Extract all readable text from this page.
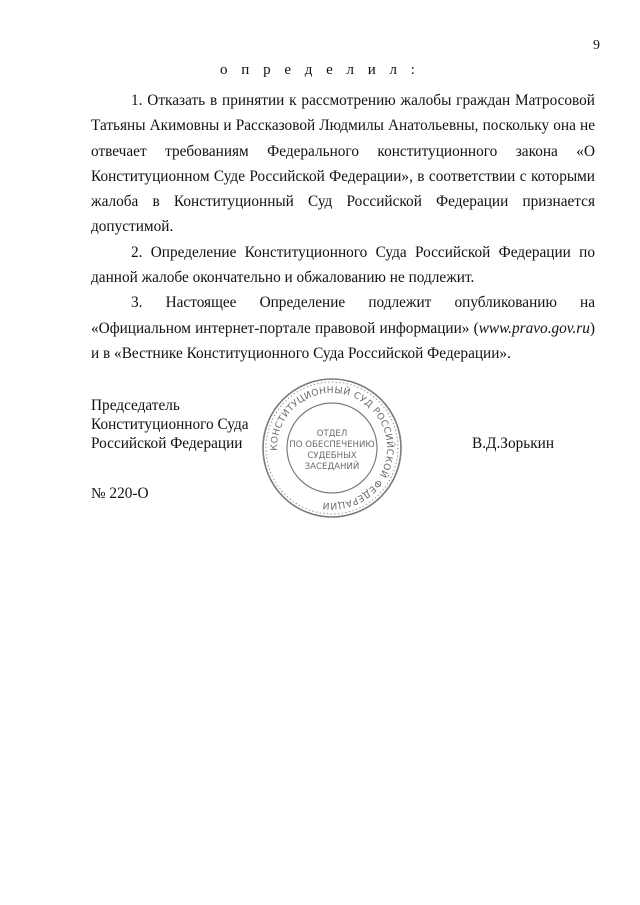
9
о п р е д е л и л :

1. Отказать в принятии к рассмотрению жалобы граждан Матросовой Татьяны Акимовны и Рассказовой Людмилы Анатольевны, поскольку она не отвечает требованиям Федерального конституционного закона «О Конституционном Суде Российской Федерации», в соответствии с которыми жалоба в Конституционный Суд Российской Федерации признается допустимой.

2. Определение Конституционного Суда Российской Федерации по данной жалобе окончательно и обжалованию не подлежит.

3. Настоящее Определение подлежит опубликованию на «Официальном интернет-портале правовой информации» (www.pravo.gov.ru) и в «Вестнике Конституционного Суда Российской Федерации».

Председатель
Конституционного Суда
Российской Федерации	В.Д.Зорькин
№ 220-О
КОНСТИТУЦИОННЫЙ СУД РОССИЙСКОЙ ФЕДЕРАЦИИ
ОТДЕЛ
ПО ОБЕСПЕЧЕНИЮ
СУДЕБНЫХ
ЗАСЕДАНИЙ
